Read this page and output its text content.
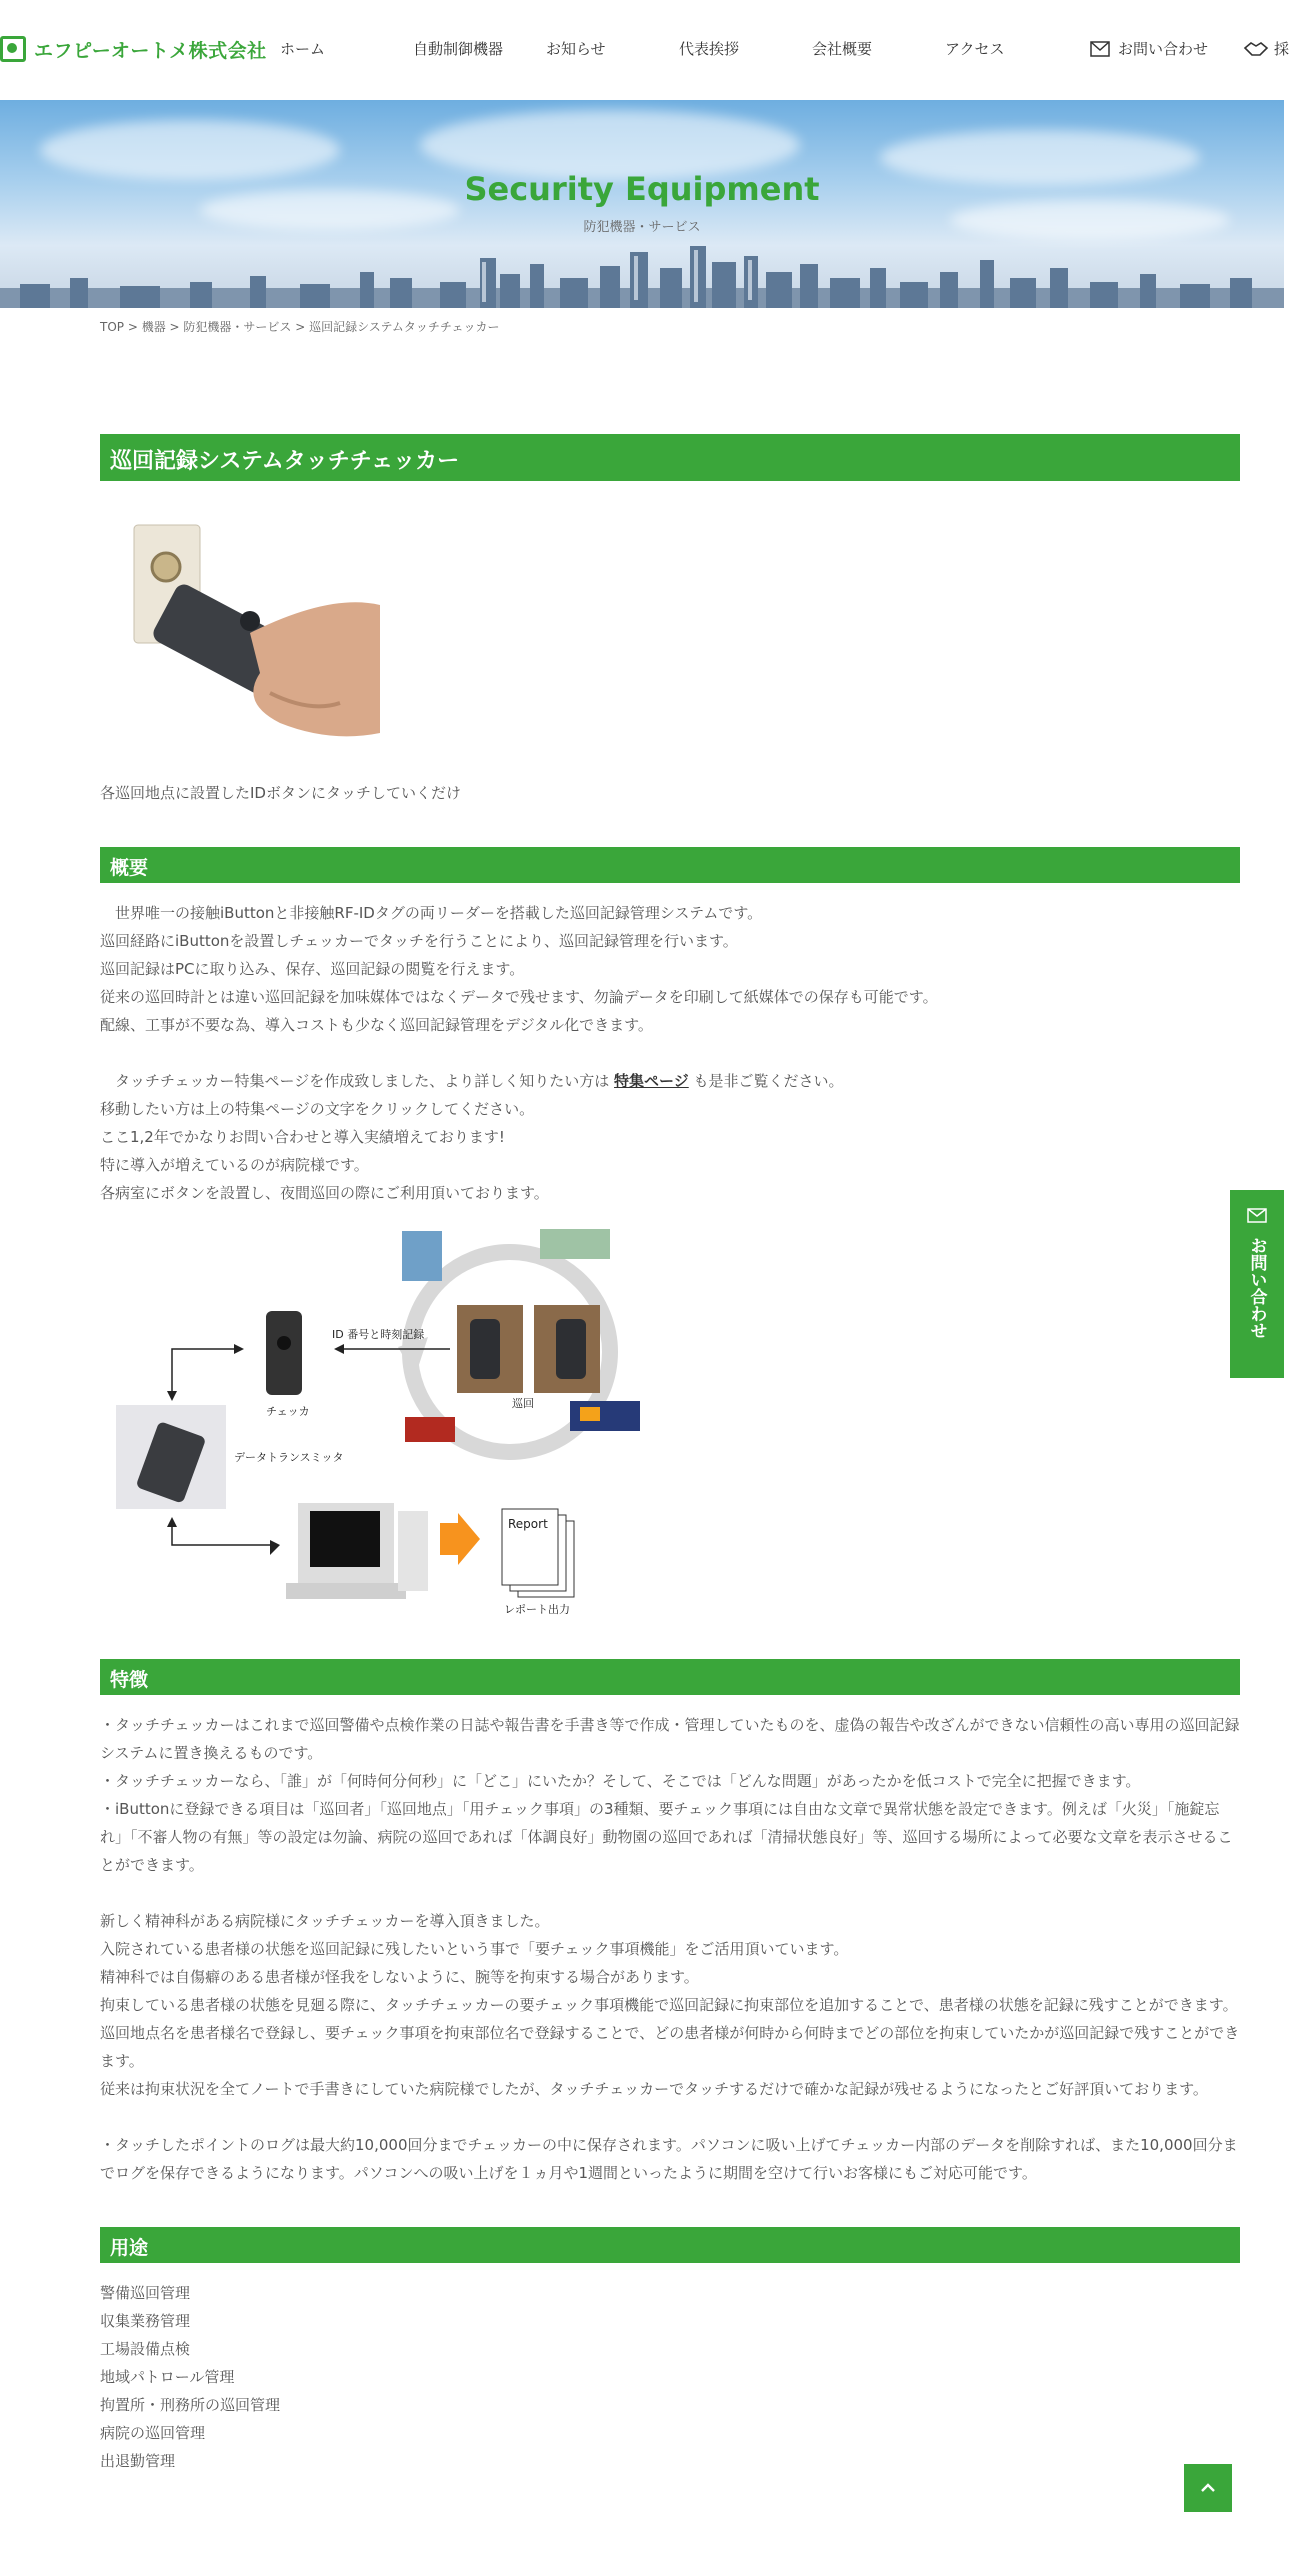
エフピーオートメ株式会社 ホーム	自動制御機器	お知らせ	代表挨拶	会社概要	アクセス	お問い合わせ	採
Security Equipment
防犯機器・サービス
TOP > 機器 > 防犯機器・サービス > 巡回記録システムタッチチェッカー
巡回記録システムタッチチェッカー
各巡回地点に設置したIDボタンにタッチしていくだけ
概要
　世界唯一の接触iButtonと非接触RF-IDタグの両リーダーを搭載した巡回記録管理システムです。
巡回経路にiButtonを設置しチェッカーでタッチを行うことにより、巡回記録管理を行います。
巡回記録はPCに取り込み、保存、巡回記録の閲覧を行えます。
従来の巡回時計とは違い巡回記録を加味媒体ではなくデータで残せます、勿論データを印刷して紙媒体での保存も可能です。
配線、工事が不要な為、導入コストも少なく巡回記録管理をデジタル化できます。
　タッチチェッカー特集ページを作成致しました、より詳しく知りたい方は 特集ページ も是非ご覧ください。
移動したい方は上の特集ページの文字をクリックしてください。
ここ1,2年でかなりお問い合わせと導入実績増えております!
特に導入が増えているのが病院様です。
各病室にボタンを設置し、夜間巡回の際にご利用頂いております。
ID 番号と時刻記録
チェッカ
巡回
データトランスミッタ
Report
レポート出力
特徴
・タッチチェッカーはこれまで巡回警備や点検作業の日誌や報告書を手書き等で作成・管理していたものを、虚偽の報告や改ざんができない信頼性の高い専用の巡回記録システムに置き換えるものです。
・タッチチェッカーなら、「誰」が「何時何分何秒」に「どこ」にいたか？そして、そこでは「どんな問題」があったかを低コストで完全に把握できます。
・iButtonに登録できる項目は「巡回者」「巡回地点」「用チェック事項」の3種類、要チェック事項には自由な文章で異常状態を設定できます。例えば「火災」「施錠忘れ」「不審人物の有無」等の設定は勿論、病院の巡回であれば「体調良好」動物園の巡回であれば「清掃状態良好」等、巡回する場所によって必要な文章を表示させることができます。
新しく精神科がある病院様にタッチチェッカーを導入頂きました。
入院されている患者様の状態を巡回記録に残したいという事で「要チェック事項機能」をご活用頂いています。
精神科では自傷癖のある患者様が怪我をしないように、腕等を拘束する場合があります。
拘束している患者様の状態を見廻る際に、タッチチェッカーの要チェック事項機能で巡回記録に拘束部位を追加することで、患者様の状態を記録に残すことができます。
巡回地点名を患者様名で登録し、要チェック事項を拘束部位名で登録することで、どの患者様が何時から何時までどの部位を拘束していたかが巡回記録で残すことができます。
従来は拘束状況を全てノートで手書きにしていた病院様でしたが、タッチチェッカーでタッチするだけで確かな記録が残せるようになったとご好評頂いております。
・タッチしたポイントのログは最大約10,000回分までチェッカーの中に保存されます。パソコンに吸い上げてチェッカー内部のデータを削除すれば、また10,000回分までログを保存できるようになります。パソコンへの吸い上げを１ヵ月や1週間といったように期間を空けて行いお客様にもご対応可能です。
用途
警備巡回管理
収集業務管理
工場設備点検
地域パトロール管理
拘置所・刑務所の巡回管理
病院の巡回管理
出退勤管理
お問い合わせ
